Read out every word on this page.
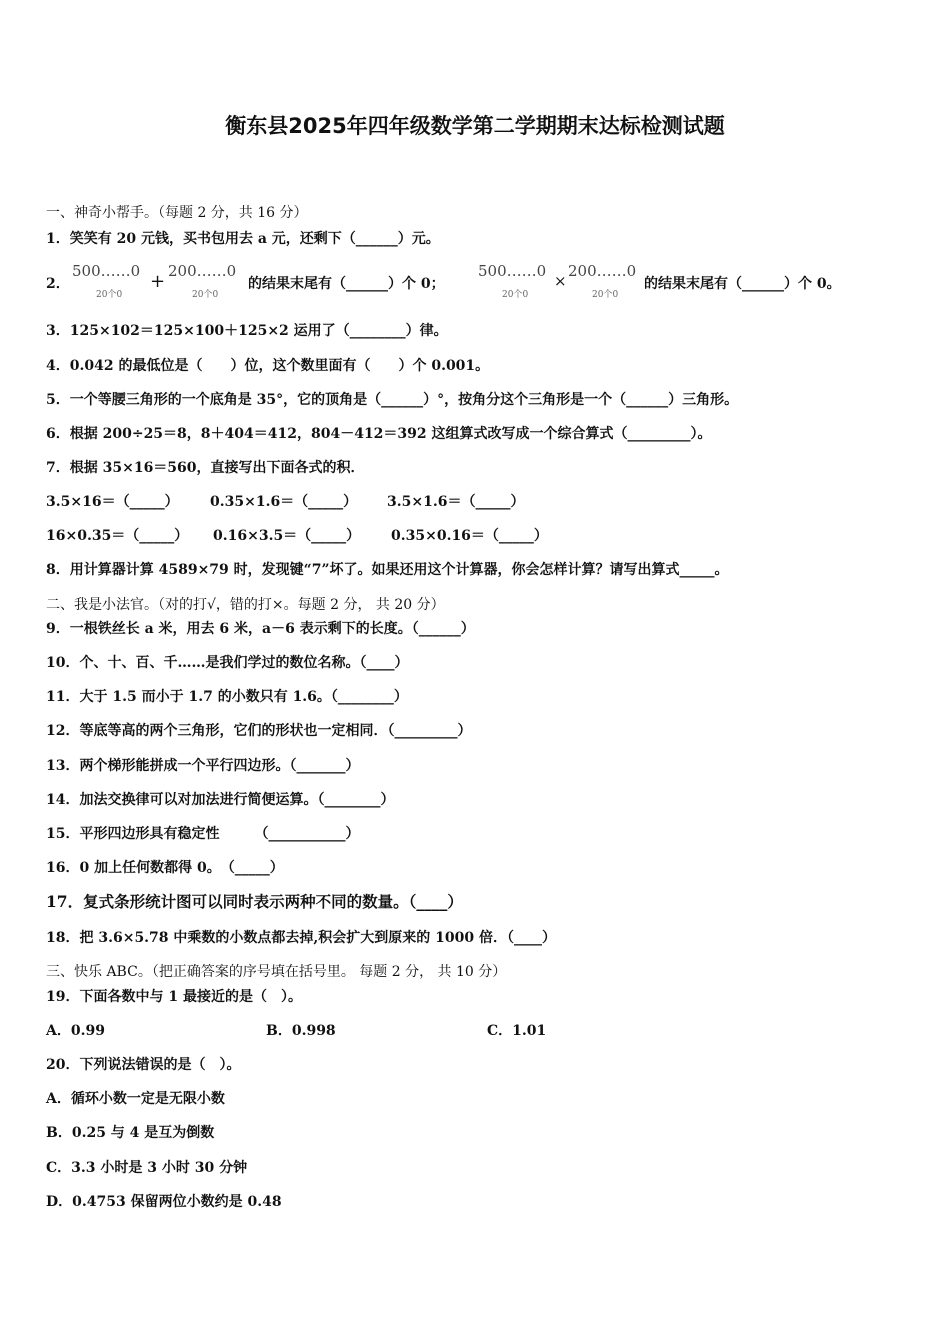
衡东县2025年四年级数学第二学期期末达标检测试题
一、神奇小帮手。（每题 2 分，共 16 分）
1．笑笑有 20 元钱，买书包用去 a 元，还剩下（______）元。
2．
500……0
20个0
+ 200……0
20个0
的结果末尾有（______）个 0；
500……0
20个0
×
200……0
20个0
的结果末尾有（______）个 0。
3．125×102＝125×100＋125×2 运用了（________）律。
4．0.042 的最低位是（　　）位，这个数里面有（　　）个 0.001。
5．一个等腰三角形的一个底角是 35°，它的顶角是（______）°，按角分这个三角形是一个（______）三角形。
6．根据 200÷25＝8，8＋404＝412，804－412＝392 这组算式改写成一个综合算式（_________）。
7．根据 35×16＝560，直接写出下面各式的积．
3.5×16＝（_____） 0.35×1.6＝（_____） 3.5×1.6＝（_____）
16×0.35＝（_____） 0.16×3.5＝（_____） 0.35×0.16＝（_____）
8．用计算器计算 4589×79 时，发现键“7”坏了。如果还用这个计算器，你会怎样计算？请写出算式_____。
二、我是小法官。（对的打√，错的打×。每题 2 分， 共 20 分）
9．一根铁丝长 a 米，用去 6 米，a－6 表示剩下的长度。（______）
10．个、十、百、千……是我们学过的数位名称。（____）
11．大于 1.5 而小于 1.7 的小数只有 1.6。（________）
12．等底等高的两个三角形，它们的形状也一定相同．（_________）
13．两个梯形能拼成一个平行四边形。（_______）
14．加法交换律可以对加法进行简便运算。（________）
15．平形四边形具有稳定性　　　（___________）
16．0 加上任何数都得 0。　（_____）
17．复式条形统计图可以同时表示两种不同的数量。（____）
18．把 3.6×5.78 中乘数的小数点都去掉,积会扩大到原来的 1000 倍．（____）
三、快乐 ABC。（把正确答案的序号填在括号里。 每题 2 分， 共 10 分）
19．下面各数中与 1 最接近的是（　）。
A．0.99	B．0.998	C．1.01
20．下列说法错误的是（　）。
A．循环小数一定是无限小数
B．0.25 与 4 是互为倒数
C．3.3 小时是 3 小时 30 分钟
D．0.4753 保留两位小数约是 0.48
